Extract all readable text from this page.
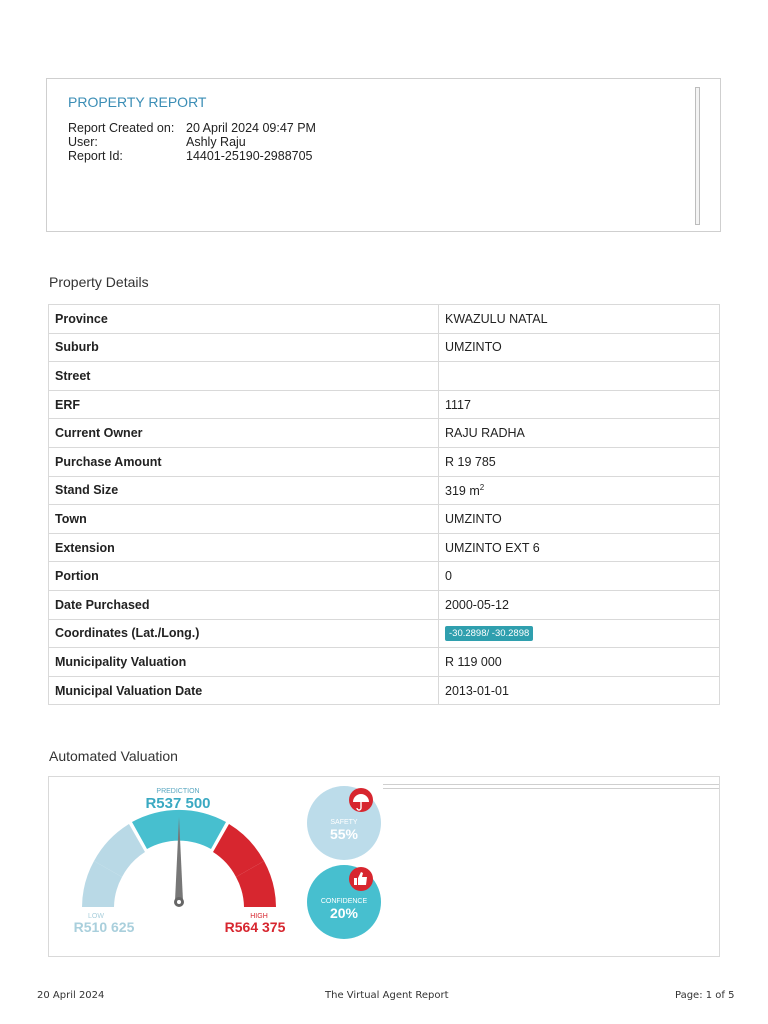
PROPERTY REPORT
Report Created on: 20 April 2024 09:47 PM
User:	Ashly Raju
Report Id:	14401-25190-2988705
Property Details
Province	KWAZULU NATAL
Suburb	UMZINTO
Street	
ERF	1117
Current Owner	RAJU RADHA
Purchase Amount	R 19 785
Stand Size	319 $m^2$
Town	UMZINTO
Extension	UMZINTO EXT 6
Portion	0
Date Purchased	2000-05-12
Coordinates (Lat./Long.)	-30.2898/ -30.2898
Municipality Valuation	R 119 000
Municipal Valuation Date	2013-01-01
Automated Valuation
PREDICTION
R537 500
LOW
R510 625
HIGH
R564 375
SAFETY
55%
CONFIDENCE
20%
20 April 2024	The Virtual Agent Report	Page: 1 of 5
